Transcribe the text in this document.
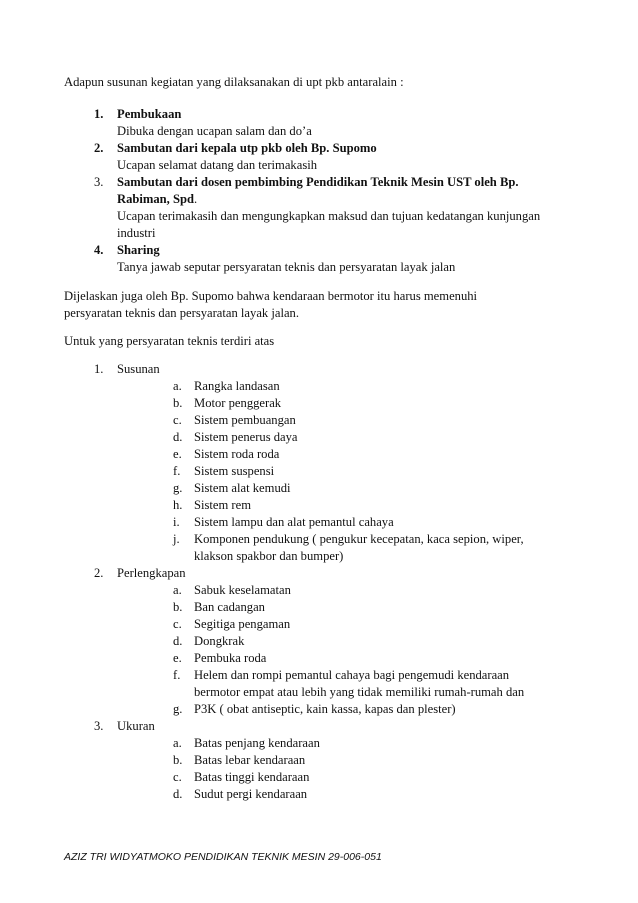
Adapun susunan kegiatan yang dilaksanakan di upt pkb antaralain :
1. Pembukaan
Dibuka dengan ucapan salam dan do’a
2. Sambutan dari kepala utp pkb oleh Bp. Supomo
Ucapan selamat datang dan terimakasih
3. Sambutan dari dosen pembimbing Pendidikan Teknik Mesin UST oleh Bp.
Rabiman, Spd.
Ucapan terimakasih dan mengungkapkan maksud dan tujuan kedatangan kunjungan
industri
4. Sharing
Tanya jawab seputar persyaratan teknis dan persyaratan layak jalan
Dijelaskan juga oleh Bp. Supomo bahwa kendaraan bermotor itu harus memenuhi
persyaratan teknis dan persyaratan layak jalan.
Untuk yang persyaratan teknis terdiri atas
1. Susunan
a. Rangka landasan
b. Motor penggerak
c. Sistem pembuangan
d. Sistem penerus daya
e. Sistem roda roda
f. Sistem suspensi
g. Sistem alat kemudi
h. Sistem rem
i. Sistem lampu dan alat pemantul cahaya
j. Komponen pendukung ( pengukur kecepatan, kaca sepion, wiper,
klakson spakbor dan bumper)
2. Perlengkapan
a. Sabuk keselamatan
b. Ban cadangan
c. Segitiga pengaman
d. Dongkrak
e. Pembuka roda
f. Helem dan rompi pemantul cahaya bagi pengemudi kendaraan
bermotor empat atau lebih yang tidak memiliki rumah-rumah dan
g. P3K ( obat antiseptic, kain kassa, kapas dan plester)
3. Ukuran
a. Batas penjang kendaraan
b. Batas lebar kendaraan
c. Batas tinggi kendaraan
d. Sudut pergi kendaraan
AZIZ TRI WIDYATMOKO PENDIDIKAN TEKNIK MESIN 29-006-051
